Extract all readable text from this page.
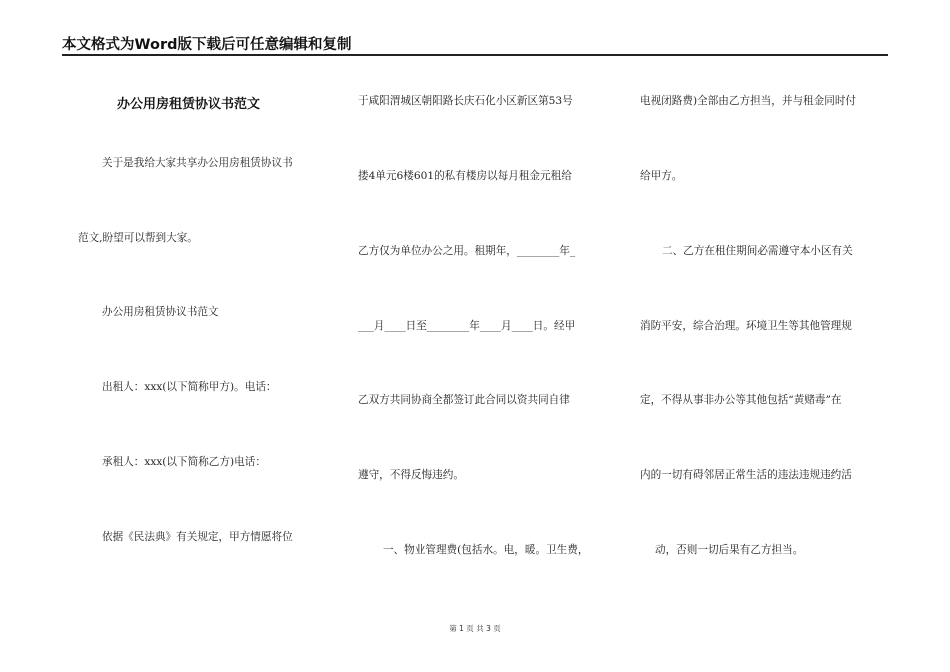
本文格式为Word版下载后可任意编辑和复制
办公用房租赁协议书范文
关于是我给大家共享办公用房租赁协议书
范文,盼望可以帮到大家。
办公用房租赁协议书范文
出租人：xxx(以下简称甲方)。电话：
承租人：xxx(以下简称乙方)电话：
依据《民法典》有关规定，甲方情愿将位
于咸阳渭城区朝阳路长庆石化小区新区第53号
搂4单元6楼601的私有楼房以每月租金元租给
乙方仅为单位办公之用。租期年，________年_
___月____日至________年____月____日。经甲
乙双方共同协商全都签订此合同以资共同自律
遵守，不得反悔违约。
一、物业管理费(包括水。电，暖。卫生费，
电视闭路费)全部由乙方担当，并与租金同时付
给甲方。
二、乙方在租住期间必需遵守本小区有关
消防平安，综合治理。环境卫生等其他管理规
定，不得从事非办公等其他包括“黄赌毒”在
内的一切有碍邻居正常生活的违法违规违约活
动，否则一切后果有乙方担当。
第 1 页 共 3 页
